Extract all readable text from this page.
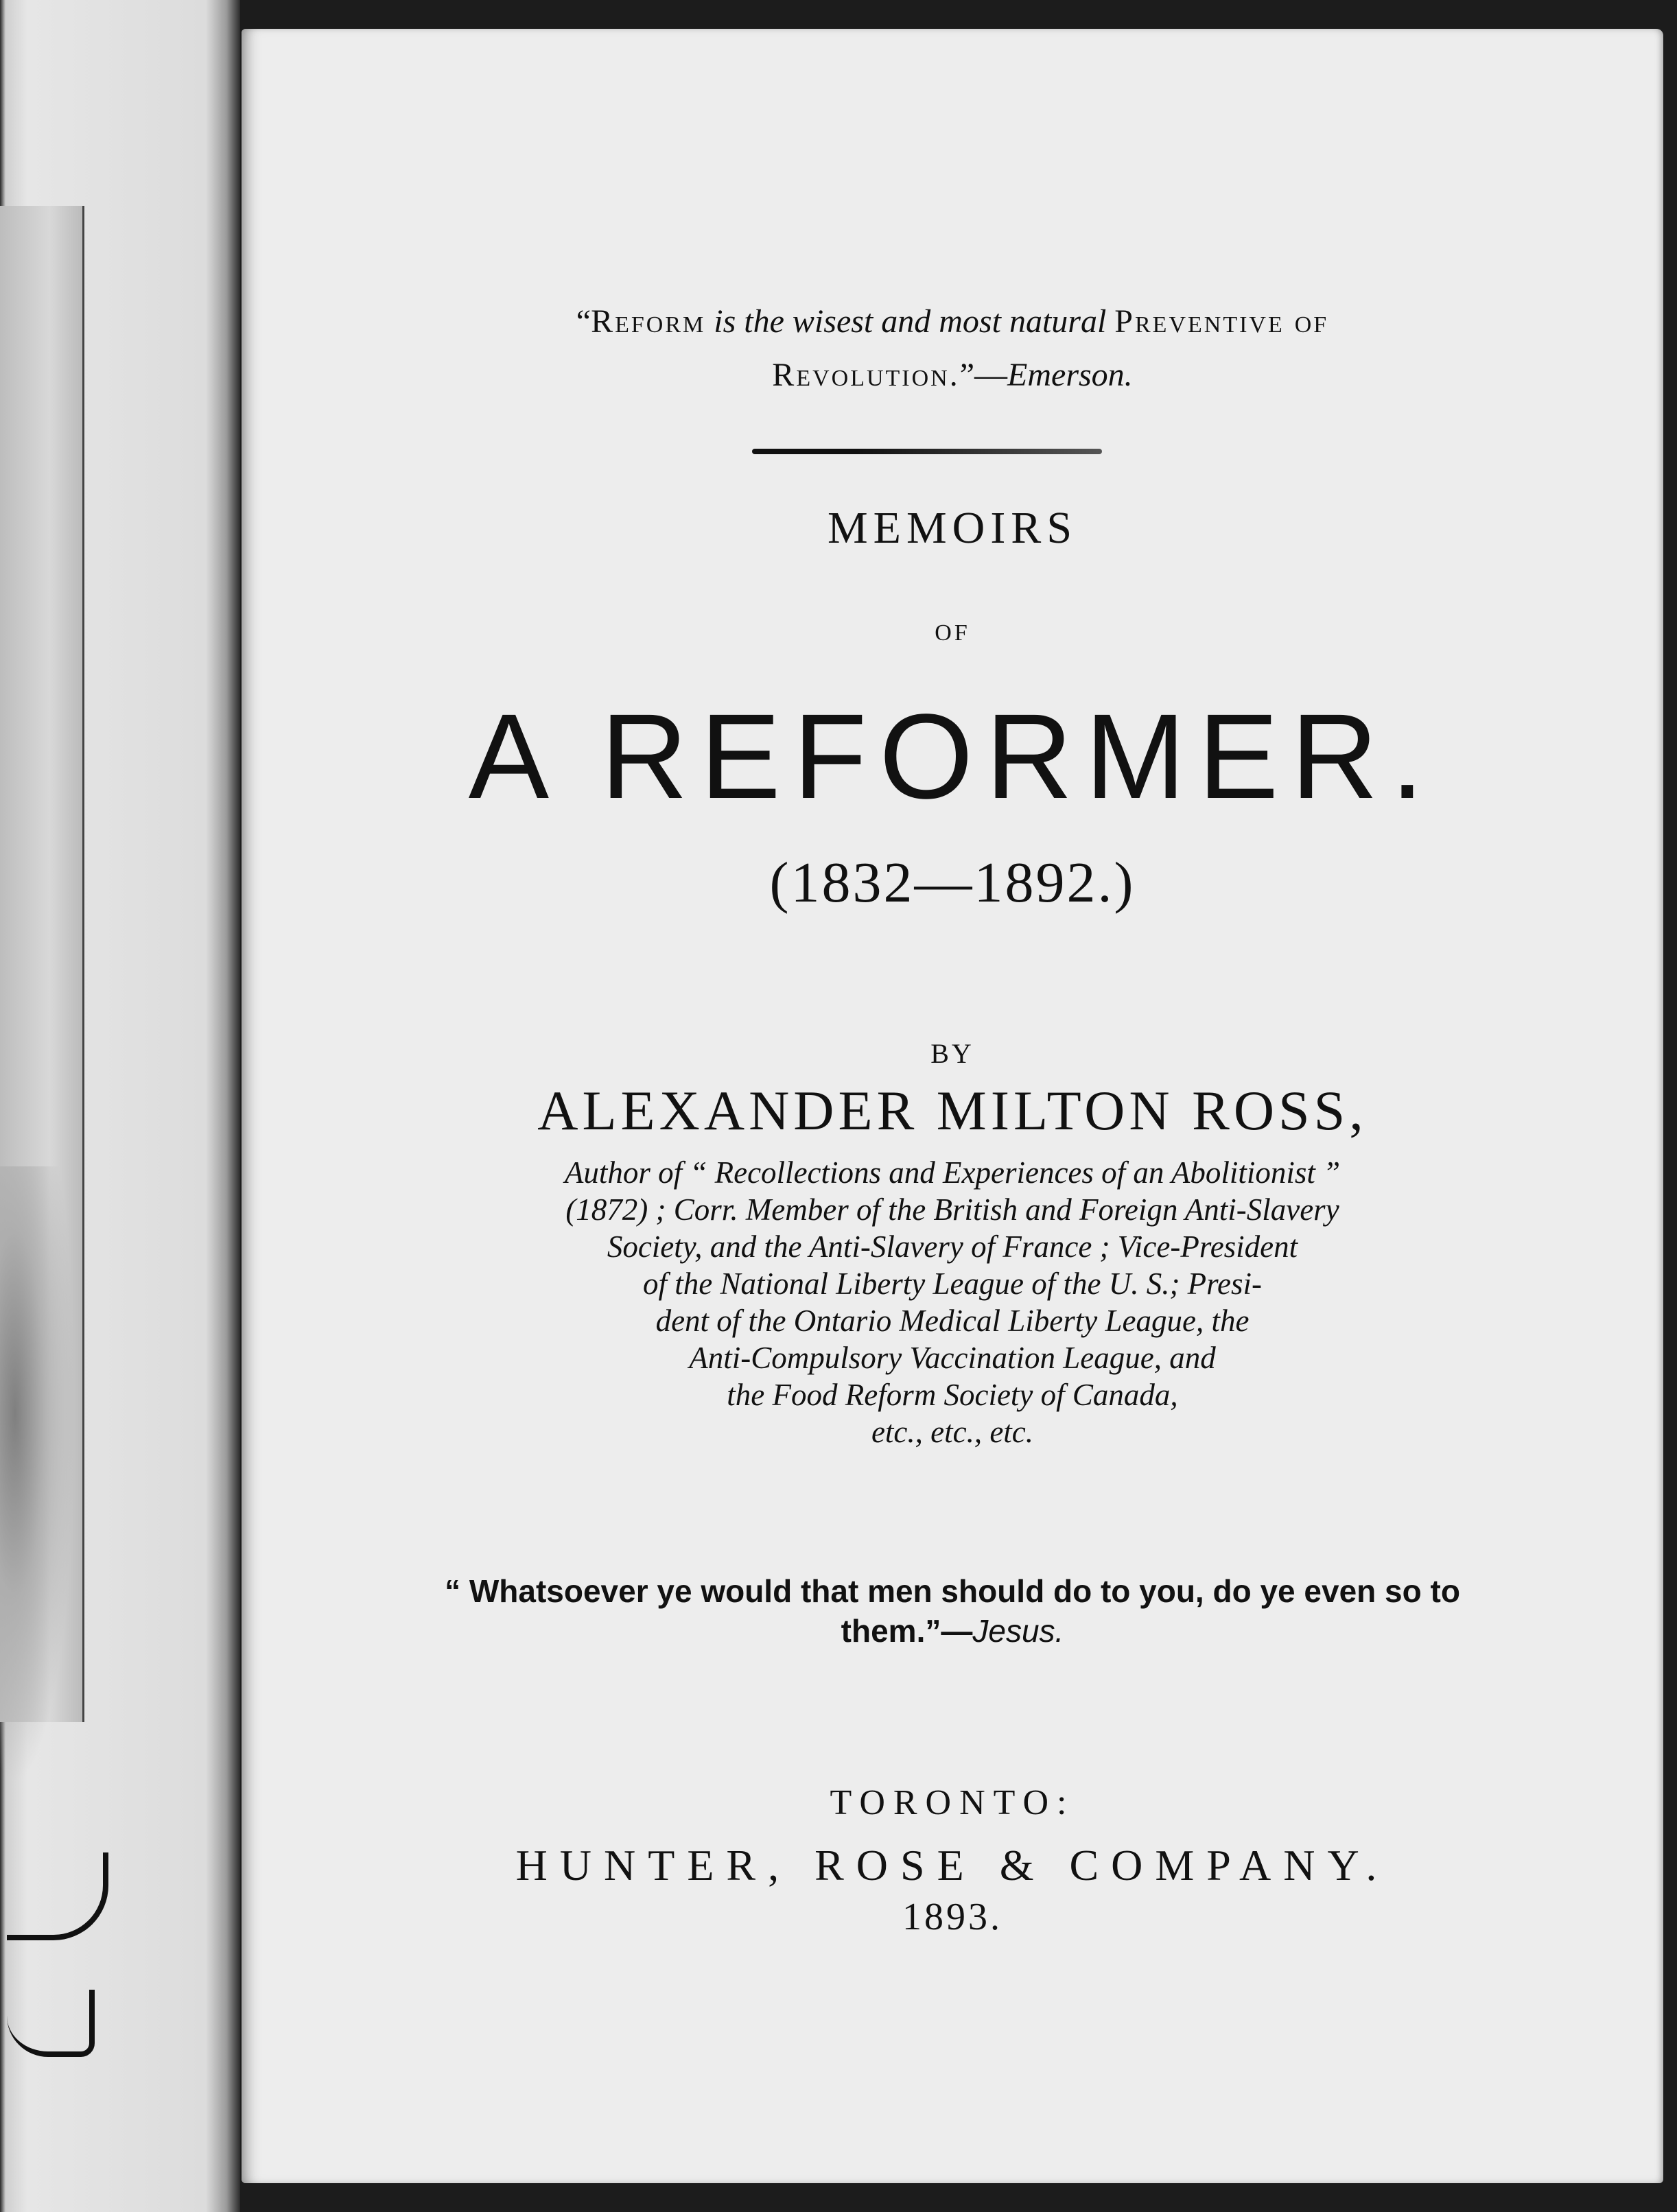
“Reform is the wisest and most natural Preventive of
Revolution.”—Emerson.
MEMOIRS
OF
A REFORMER.
(1832—1892.)
BY
ALEXANDER MILTON ROSS,
Author of “ Recollections and Experiences of an Abolitionist ”
(1872) ; Corr. Member of the British and Foreign Anti-Slavery
Society, and the Anti-Slavery of France ; Vice-President
of the National Liberty League of the U. S.; Presi-
dent of the Ontario Medical Liberty League, the
Anti-Compulsory Vaccination League, and
the Food Reform Society of Canada,
etc., etc., etc.
“ Whatsoever ye would that men should do to you, do ye even so to
them.”—Jesus.
TORONTO:
HUNTER, ROSE & COMPANY.
1893.
